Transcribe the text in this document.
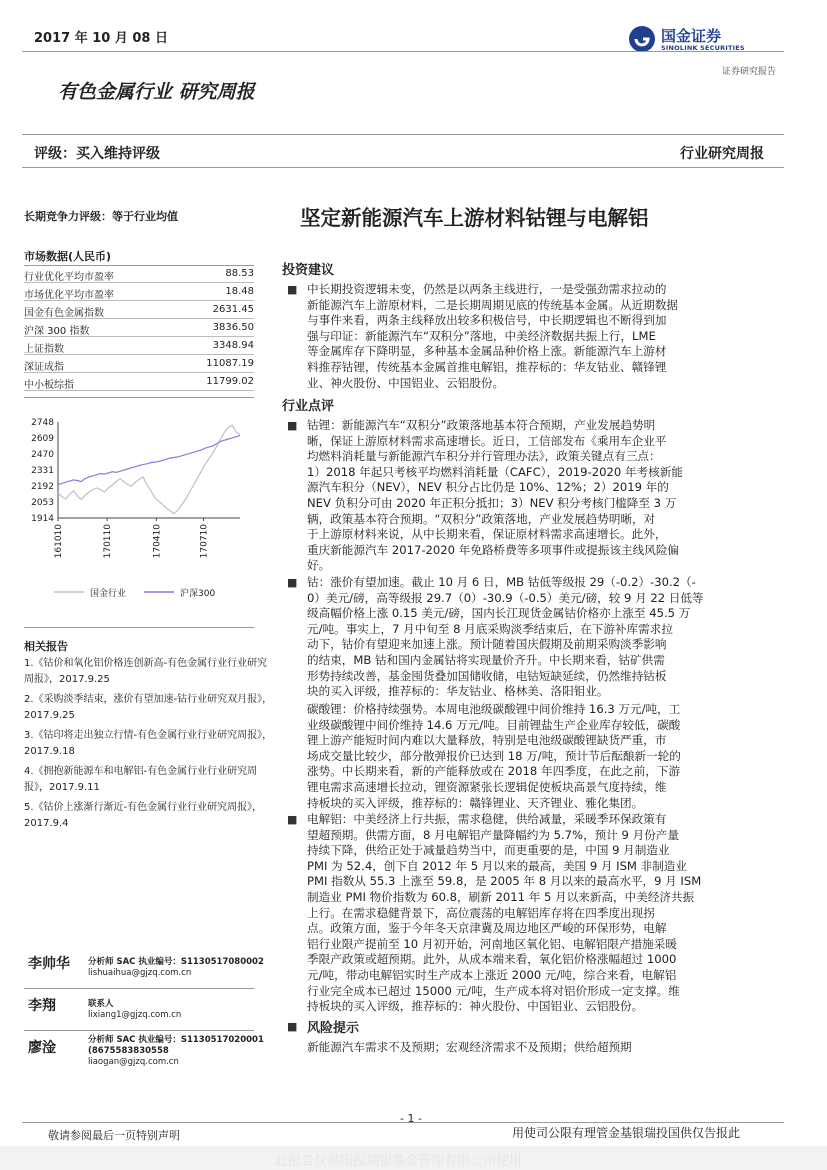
2017 年 10 月 08 日	国金证券
SINOLINK SECURITIES
证券研究报告
有色金属行业 研究周报
评级：买入维持评级	行业研究周报
长期竞争力评级：等于行业均值
市场数据(人民币)
行业优化平均市盈率	88.53
市场优化平均市盈率	18.48
国金有色金属指数	2631.45
沪深 300 指数	3836.50
上证指数	3348.94
深证成指	11087.19
中小板综指	11799.02
2748
2609
2470
2331
2192
2053
1914
161010	170110	170410	170710
国金行业	沪深300
相关报告
1.《钴价和氧化铝价格连创新高-有色金属行业行业研究周报》，2017.9.25
2.《采购淡季结束，涨价有望加速-钴行业研究双月报》，2017.9.25
3.《钴印将走出独立行情-有色金属行业行业研究周报》，2017.9.18
4.《拥抱新能源车和电解铝-有色金属行业行业研究周报》，2017.9.11
5.《钴价上涨渐行渐近-有色金属行业行业研究周报》，2017.9.4
李帅华 分析师 SAC 执业编号：S1130517080002
lishuaihua@gjzq.com.cn
李翔	联系人
lixiang1@gjzq.com.cn
廖淦	分析师 SAC 执业编号：S1130517020001
(8675583830558
liaogan@gjzq.com.cn
坚定新能源汽车上游材料钴锂与电解铝
投资建议
■ 中长期投资逻辑未变，仍然是以两条主线进行，一是受强劲需求拉动的
新能源汽车上游原材料，二是长期周期见底的传统基本金属。从近期数据
与事件来看，两条主线释放出较多积极信号，中长期逻辑也不断得到加
强与印证：新能源汽车“双积分”落地，中美经济数据共振上行，LME
等金属库存下降明显，多种基本金属品种价格上涨。新能源汽车上游材
料推荐钴锂，传统基本金属首推电解铝，推荐标的：华友钴业、赣锋锂
业、神火股份、中国铝业、云铝股份。
行业点评
■ 钴锂：新能源汽车“双积分”政策落地基本符合预期，产业发展趋势明
晰，保证上游原材料需求高速增长。近日，工信部发布《乘用车企业平
均燃料消耗量与新能源汽车积分并行管理办法》，政策关键点有三点：
1）2018 年起只考核平均燃料消耗量（CAFC），2019-2020 年考核新能
源汽车积分（NEV），NEV 积分占比仍是 10%、12%；2）2019 年的
NEV 负积分可由 2020 年正积分抵扣；3）NEV 积分考核门槛降至 3 万
辆，政策基本符合预期。“双积分”政策落地，产业发展趋势明晰，对
于上游原材料来说，从中长期来看，保证原材料需求高速增长。此外，
重庆新能源汽车 2017-2020 年免路桥费等多项事件或提振该主线风险偏
好。
■ 钴：涨价有望加速。截止 10 月 6 日，MB 钴低等级报 29（-0.2）-30.2（-
0）美元/磅，高等级报 29.7（0）-30.9（-0.5）美元/磅，较 9 月 22 日低等
级高幅价格上涨 0.15 美元/磅，国内长江现货金属钴价格亦上涨至 45.5 万
元/吨。事实上，7 月中旬至 8 月底采购淡季结束后，在下游补库需求拉
动下，钴价有望迎来加速上涨。预计随着国庆假期及前期采购淡季影响
的结束，MB 钴和国内金属钴将实现量价齐升。中长期来看，钴矿供需
形势持续改善，基金囤货叠加国储收储，电钴短缺延续，仍然维持钴板
块的买入评级，推荐标的：华友钴业、格林美、洛阳钼业。
碳酸锂：价格持续强势。本周电池级碳酸锂中间价维持 16.3 万元/吨，工
业级碳酸锂中间价维持 14.6 万元/吨。目前锂盐生产企业库存较低，碳酸
锂上游产能短时间内难以大量释放，特别是电池级碳酸锂缺货严重，市
场成交量比较少，部分散弹报价已达到 18 万/吨，预计节后酝酿新一轮的
涨势。中长期来看，新的产能释放或在 2018 年四季度，在此之前，下游
锂电需求高速增长拉动，锂资源紧张长逻辑促使板块高景气度持续，维
持板块的买入评级，推荐标的：赣锋锂业、天齐锂业、雅化集团。
■ 电解铝：中美经济上行共振，需求稳健，供给减量，采暖季环保政策有
望超预期。供需方面，8 月电解铝产量降幅约为 5.7%，预计 9 月份产量
持续下降，供给正处于减量趋势当中，而更重要的是，中国 9 月制造业
PMI 为 52.4，创下自 2012 年 5 月以来的最高，美国 9 月 ISM 非制造业
PMI 指数从 55.3 上涨至 59.8，是 2005 年 8 月以来的最高水平，9 月 ISM
制造业 PMI 物价指数为 60.8，刷新 2011 年 5 月以来新高，中美经济共振
上行。在需求稳健背景下，高位震荡的电解铝库存将在四季度出现拐
点。政策方面，鉴于今年冬天京津冀及周边地区严峻的环保形势，电解
铝行业限产提前至 10 月初开始，河南地区氧化铝、电解铝限产措施采暖
季限产政策或超预期。此外，从成本端来看，氧化铝价格涨幅超过 1000
元/吨，带动电解铝实时生产成本上涨近 2000 元/吨，综合来看，电解铝
行业完全成本已超过 15000 元/吨，生产成本将对铝价形成一定支撑。维
持板块的买入评级，推荐标的：神火股份、中国铝业、云铝股份。
■ 风险提示
新能源汽车需求不及预期；宏观经济需求不及预期；供给超预期
- 1 -
敬请参阅最后一页特别声明	用使司公限有理管金基银瑞投国供仅告报此
此报告仅供国投瑞银基金管理有限公司使用
